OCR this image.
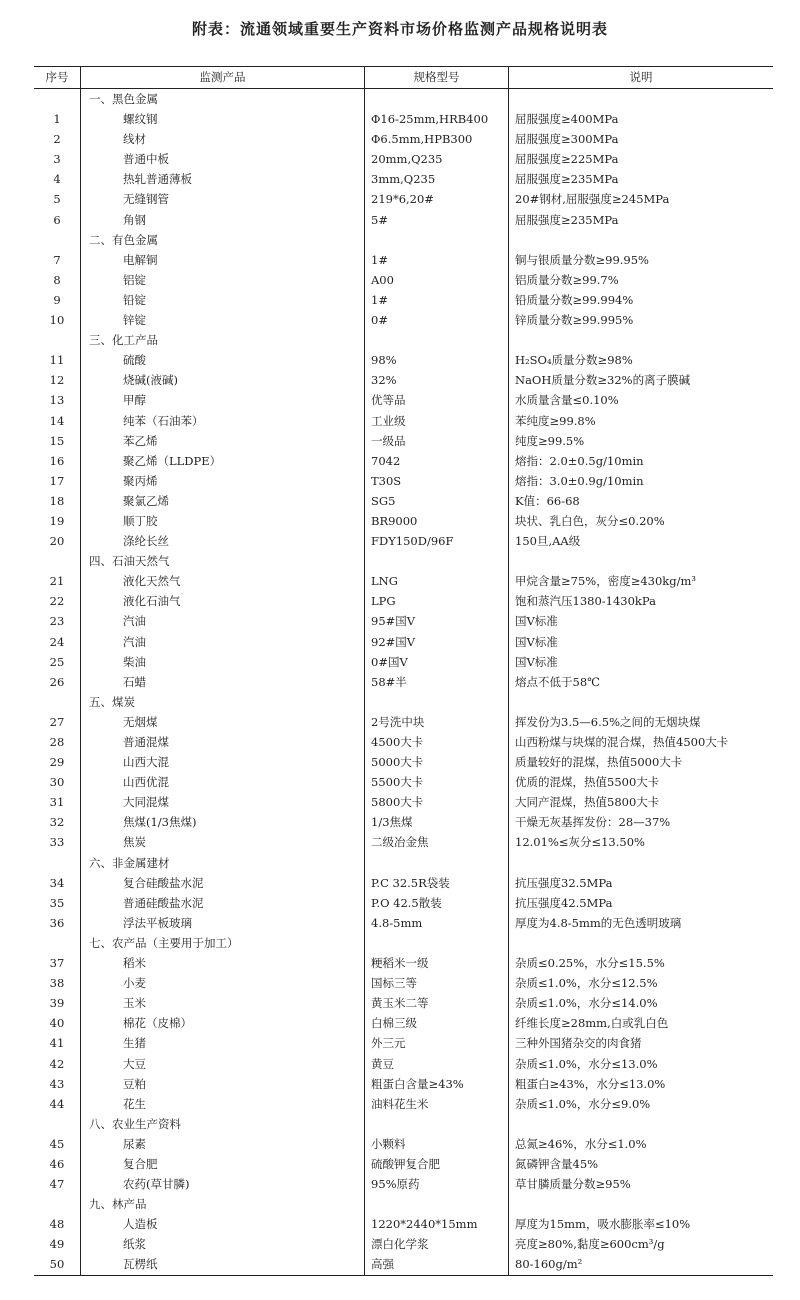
附表：流通领域重要生产资料市场价格监测产品规格说明表
序号	监测产品	规格型号	说明
一、黑色金属
1	螺纹钢	Φ16-25mm,HRB400	屈服强度≥400MPa
2	线材	Φ6.5mm,HPB300	屈服强度≥300MPa
3	普通中板	20mm,Q235	屈服强度≥225MPa
4	热轧普通薄板	3mm,Q235	屈服强度≥235MPa
5	无缝钢管	219*6,20#	20#钢材,屈服强度≥245MPa
6	角钢	5#	屈服强度≥235MPa
二、有色金属
7	电解铜	1#	铜与银质量分数≥99.95%
8	铝锭	A00	铝质量分数≥99.7%
9	铅锭	1#	铅质量分数≥99.994%
10	锌锭	0#	锌质量分数≥99.995%
三、化工产品
11	硫酸	98%	H₂SO₄质量分数≥98%
12	烧碱(液碱)	32%	NaOH质量分数≥32%的离子膜碱
13	甲醇	优等品	水质量含量≤0.10%
14	纯苯（石油苯）	工业级	苯纯度≥99.8%
15	苯乙烯	一级品	纯度≥99.5%
16	聚乙烯（LLDPE）	7042	熔指：2.0±0.5g/10min
17	聚丙烯	T30S	熔指：3.0±0.9g/10min
18	聚氯乙烯	SG5	K值：66-68
19	顺丁胶	BR9000	块状、乳白色，灰分≤0.20%
20	涤纶长丝	FDY150D/96F	150旦,AA级
四、石油天然气
21	液化天然气	LNG	甲烷含量≥75%，密度≥430kg/m³
22	液化石油气	LPG	饱和蒸汽压1380-1430kPa
23	汽油	95#国Ⅴ	国Ⅴ标准
24	汽油	92#国Ⅴ	国Ⅴ标准
25	柴油	0#国Ⅴ	国Ⅴ标准
26	石蜡	58#半	熔点不低于58℃
五、煤炭
27	无烟煤	2号洗中块	挥发份为3.5—6.5%之间的无烟块煤
28	普通混煤	4500大卡	山西粉煤与块煤的混合煤，热值4500大卡
29	山西大混	5000大卡	质量较好的混煤，热值5000大卡
30	山西优混	5500大卡	优质的混煤，热值5500大卡
31	大同混煤	5800大卡	大同产混煤，热值5800大卡
32	焦煤(1/3焦煤)	1/3焦煤	干燥无灰基挥发份：28—37%
33	焦炭	二级冶金焦	12.01%≤灰分≤13.50%
六、非金属建材
34	复合硅酸盐水泥	P.C 32.5R袋装	抗压强度32.5MPa
35	普通硅酸盐水泥	P.O 42.5散装	抗压强度42.5MPa
36	浮法平板玻璃	4.8-5mm	厚度为4.8-5mm的无色透明玻璃
七、农产品（主要用于加工）
37	稻米	粳稻米一级	杂质≤0.25%，水分≤15.5%
38	小麦	国标三等	杂质≤1.0%，水分≤12.5%
39	玉米	黄玉米二等	杂质≤1.0%，水分≤14.0%
40	棉花（皮棉）	白棉三级	纤维长度≥28mm,白或乳白色
41	生猪	外三元	三种外国猪杂交的肉食猪
42	大豆	黄豆	杂质≤1.0%，水分≤13.0%
43	豆粕	粗蛋白含量≥43%	粗蛋白≥43%，水分≤13.0%
44	花生	油料花生米	杂质≤1.0%，水分≤9.0%
八、农业生产资料
45	尿素	小颗料	总氮≥46%，水分≤1.0%
46	复合肥	硫酸钾复合肥	氮磷钾含量45%
47	农药(草甘膦)	95%原药	草甘膦质量分数≥95%
九、林产品
48	人造板	1220*2440*15mm	厚度为15mm，吸水膨胀率≤10%
49	纸浆	漂白化学浆	亮度≥80%,黏度≥600cm³/g
50	瓦楞纸	高强	80-160g/m²
